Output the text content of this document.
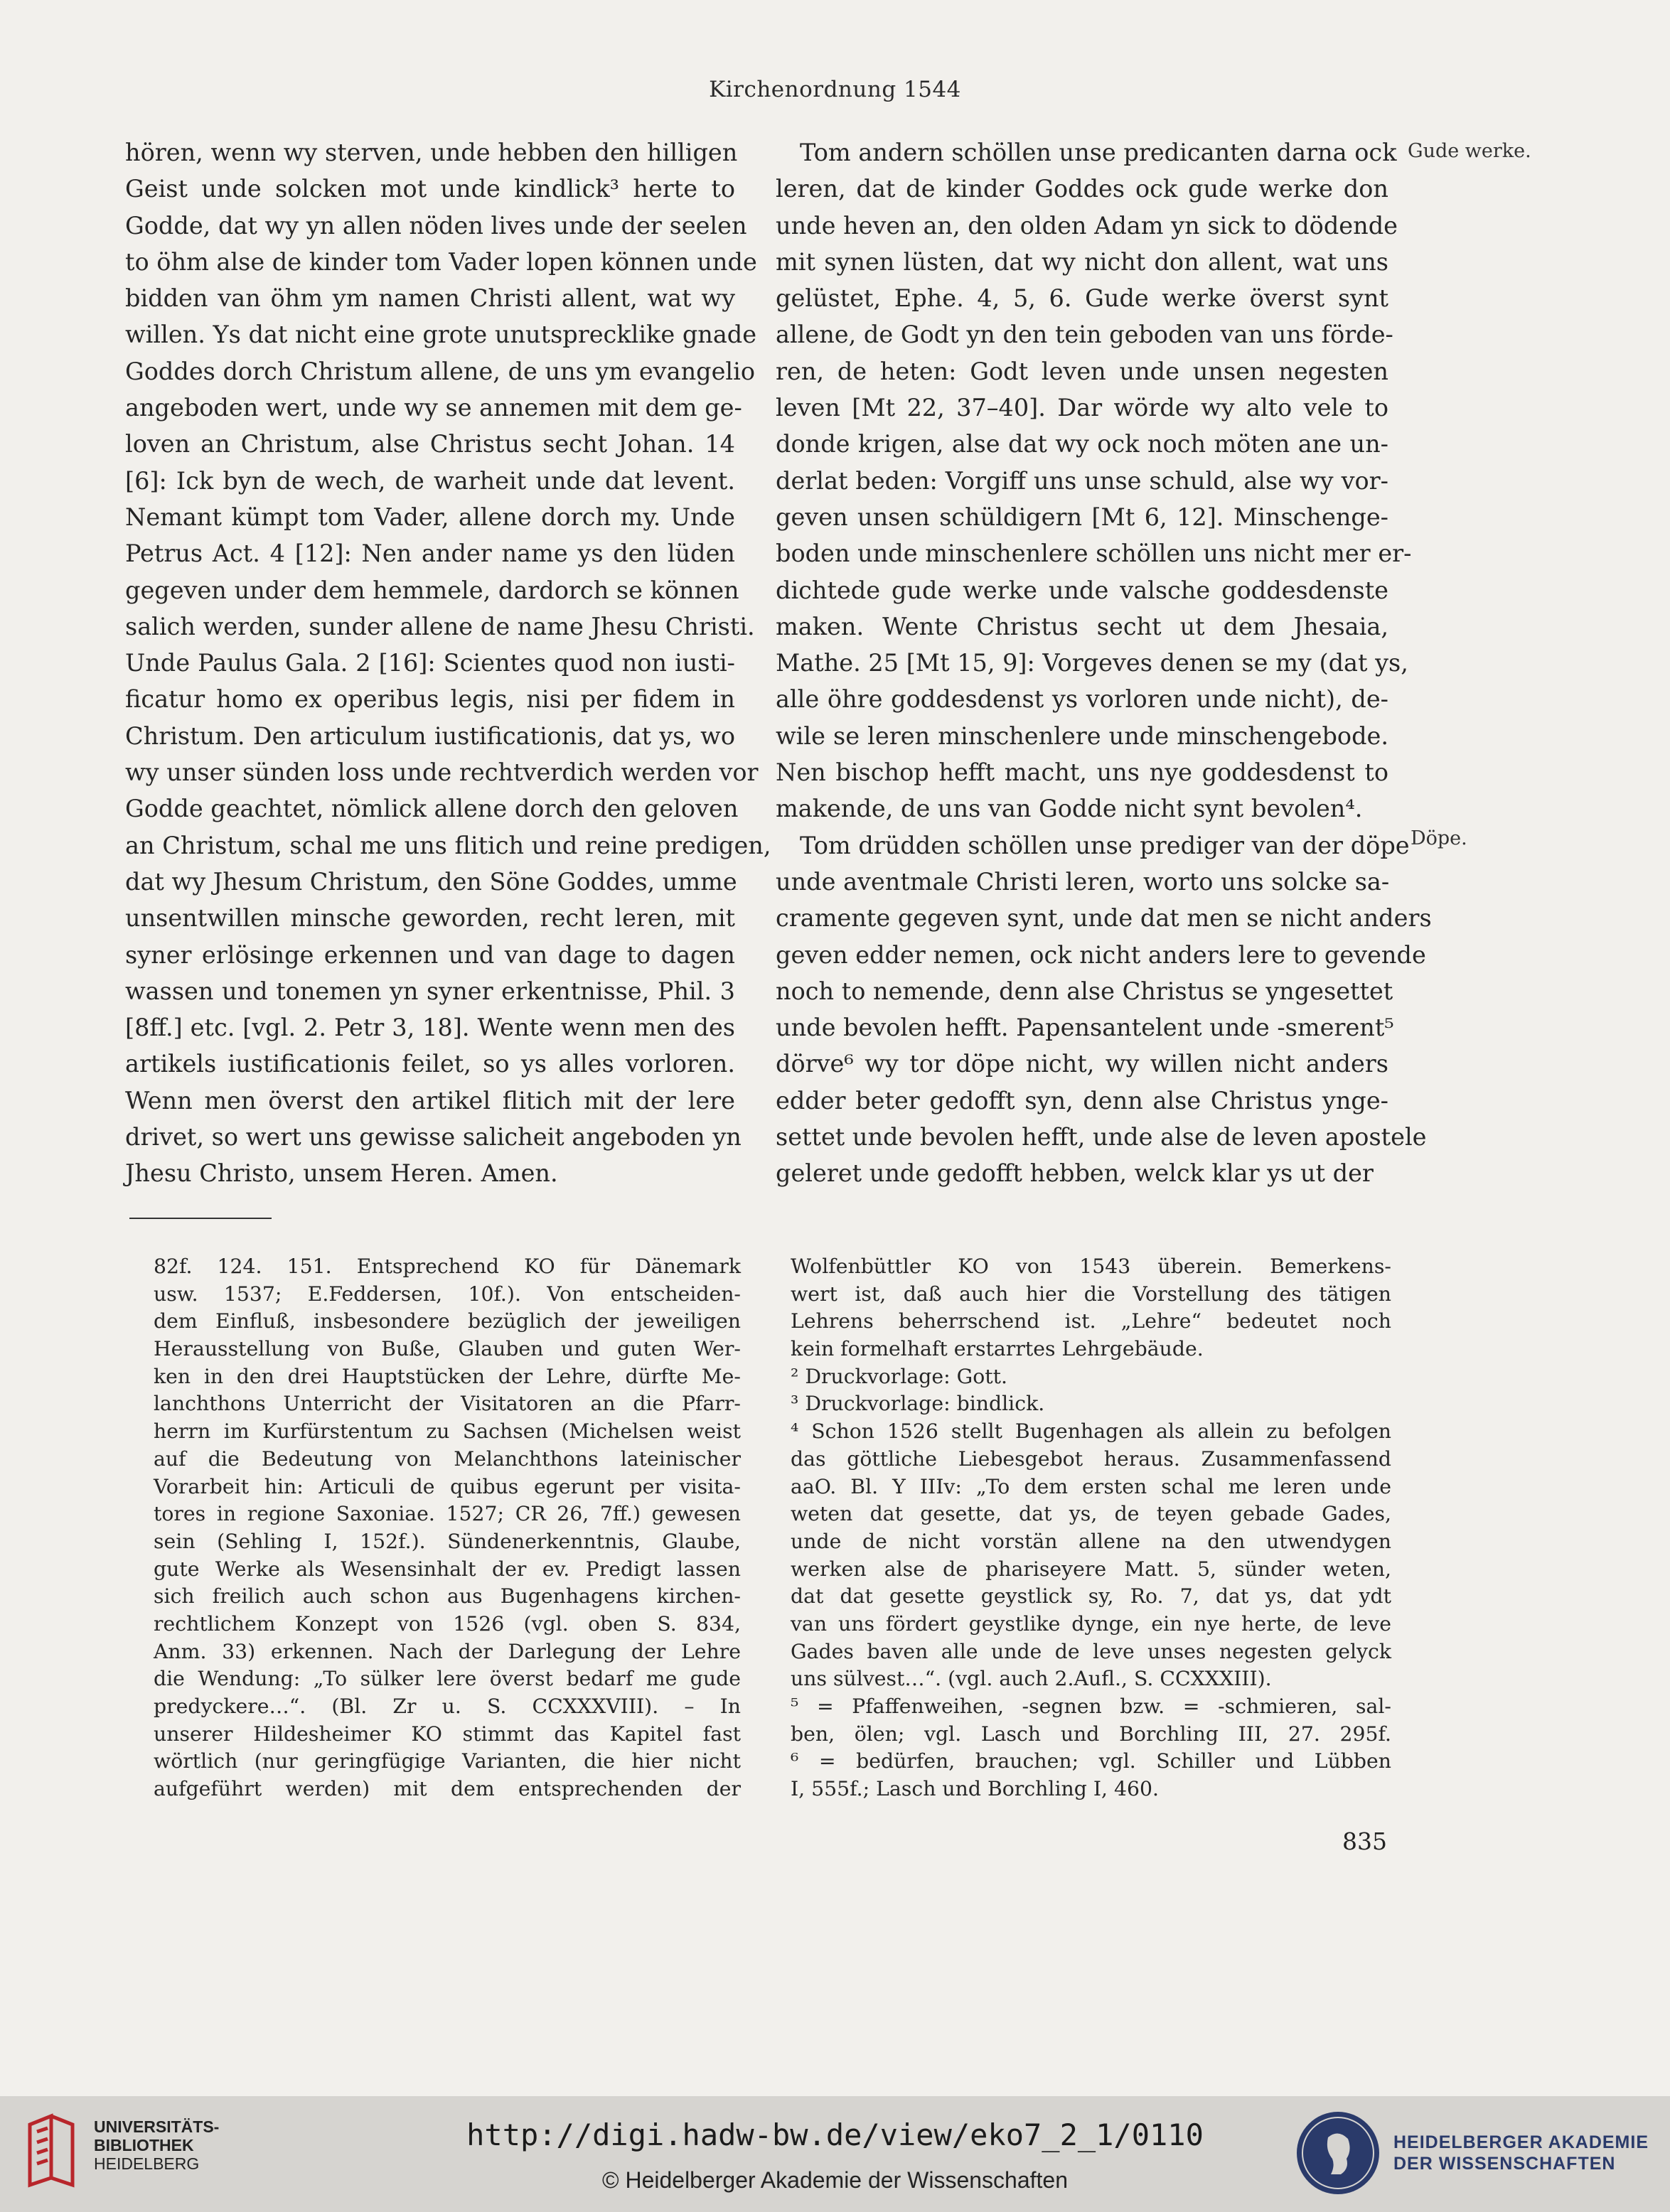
Kirchenordnung 1544
hören, wenn wy sterven, unde hebben den hilligen
Geist unde solcken mot unde kindlick³ herte to
Godde, dat wy yn allen nöden lives unde der seelen
to öhm alse de kinder tom Vader lopen können unde
bidden van öhm ym namen Christi allent, wat wy
willen. Ys dat nicht eine grote unutsprecklike gnade
Goddes dorch Christum allene, de uns ym evangelio
angeboden wert, unde wy se annemen mit dem ge-
loven an Christum, alse Christus secht Johan. 14
[6]: Ick byn de wech, de warheit unde dat levent.
Nemant kümpt tom Vader, allene dorch my. Unde
Petrus Act. 4 [12]: Nen ander name ys den lüden
gegeven under dem hemmele, dardorch se können
salich werden, sunder allene de name Jhesu Christi.
Unde Paulus Gala. 2 [16]: Scientes quod non iusti-
ficatur homo ex operibus legis, nisi per fidem in
Christum. Den articulum iustificationis, dat ys, wo
wy unser sünden loss unde rechtverdich werden vor
Godde geachtet, nömlick allene dorch den geloven
an Christum, schal me uns flitich und reine predigen,
dat wy Jhesum Christum, den Söne Goddes, umme
unsentwillen minsche geworden, recht leren, mit
syner erlösinge erkennen und van dage to dagen
wassen und tonemen yn syner erkentnisse, Phil. 3
[8ff.] etc. [vgl. 2. Petr 3, 18]. Wente wenn men des
artikels iustificationis feilet, so ys alles vorloren.
Wenn men överst den artikel flitich mit der lere
drivet, so wert uns gewisse salicheit angeboden yn
Jhesu Christo, unsem Heren. Amen.
Tom andern schöllen unse predicanten darna ock
leren, dat de kinder Goddes ock gude werke don
unde heven an, den olden Adam yn sick to dödende
mit synen lüsten, dat wy nicht don allent, wat uns
gelüstet, Ephe. 4, 5, 6. Gude werke överst synt
allene, de Godt yn den tein geboden van uns förde-
ren, de heten: Godt leven unde unsen negesten
leven [Mt 22, 37–40]. Dar wörde wy alto vele to
donde krigen, alse dat wy ock noch möten ane un-
derlat beden: Vorgiff uns unse schuld, alse wy vor-
geven unsen schüldigern [Mt 6, 12]. Minschenge-
boden unde minschenlere schöllen uns nicht mer er-
dichtede gude werke unde valsche goddesdenste
maken. Wente Christus secht ut dem Jhesaia,
Mathe. 25 [Mt 15, 9]: Vorgeves denen se my (dat ys,
alle öhre goddesdenst ys vorloren unde nicht), de-
wile se leren minschenlere unde minschengebode.
Nen bischop hefft macht, uns nye goddesdenst to
makende, de uns van Godde nicht synt bevolen⁴.
Tom drüdden schöllen unse prediger van der döpe
unde aventmale Christi leren, worto uns solcke sa-
cramente gegeven synt, unde dat men se nicht anders
geven edder nemen, ock nicht anders lere to gevende
noch to nemende, denn alse Christus se yngesettet
unde bevolen hefft. Papensantelent unde -smerent⁵
dörve⁶ wy tor döpe nicht, wy willen nicht anders
edder beter gedofft syn, denn alse Christus ynge-
settet unde bevolen hefft, unde alse de leven apostele
geleret unde gedofft hebben, welck klar ys ut der
Gude werke.
Döpe.
82f. 124. 151. Entsprechend KO für Dänemark
usw. 1537; E.Feddersen, 10f.). Von entscheiden-
dem Einfluß, insbesondere bezüglich der jeweiligen
Herausstellung von Buße, Glauben und guten Wer-
ken in den drei Hauptstücken der Lehre, dürfte Me-
lanchthons Unterricht der Visitatoren an die Pfarr-
herrn im Kurfürstentum zu Sachsen (Michelsen weist
auf die Bedeutung von Melanchthons lateinischer
Vorarbeit hin: Articuli de quibus egerunt per visita-
tores in regione Saxoniae. 1527; CR 26, 7ff.) gewesen
sein (Sehling I, 152f.). Sündenerkenntnis, Glaube,
gute Werke als Wesensinhalt der ev. Predigt lassen
sich freilich auch schon aus Bugenhagens kirchen-
rechtlichem Konzept von 1526 (vgl. oben S. 834,
Anm. 33) erkennen. Nach der Darlegung der Lehre
die Wendung: „To sülker lere överst bedarf me gude
predyckere…“. (Bl. Zr u. S. CCXXXVIII). – In
unserer Hildesheimer KO stimmt das Kapitel fast
wörtlich (nur geringfügige Varianten, die hier nicht
aufgeführt werden) mit dem entsprechenden der
Wolfenbüttler KO von 1543 überein. Bemerkens-
wert ist, daß auch hier die Vorstellung des tätigen
Lehrens beherrschend ist. „Lehre“ bedeutet noch
kein formelhaft erstarrtes Lehrgebäude.
² Druckvorlage: Gott.
³ Druckvorlage: bindlick.
⁴ Schon 1526 stellt Bugenhagen als allein zu befolgen
das göttliche Liebesgebot heraus. Zusammenfassend
aaO. Bl. Y IIIv: „To dem ersten schal me leren unde
weten dat gesette, dat ys, de teyen gebade Gades,
unde de nicht vorstän allene na den utwendygen
werken alse de phariseyere Matt. 5, sünder weten,
dat dat gesette geystlick sy, Ro. 7, dat ys, dat ydt
van uns fördert geystlike dynge, ein nye herte, de leve
Gades baven alle unde de leve unses negesten gelyck
uns sülvest…“. (vgl. auch 2.Aufl., S. CCXXXIII).
⁵ = Pfaffenweihen, -segnen bzw. = -schmieren, sal-
ben, ölen; vgl. Lasch und Borchling III, 27. 295f.
⁶ = bedürfen, brauchen; vgl. Schiller und Lübben
I, 555f.; Lasch und Borchling I, 460.
835
UNIVERSITÄTS-
BIBLIOTHEK
HEIDELBERG
http://digi.hadw-bw.de/view/eko7_2_1/0110
© Heidelberger Akademie der Wissenschaften
HEIDELBERGER AKADEMIE
DER WISSENSCHAFTEN
